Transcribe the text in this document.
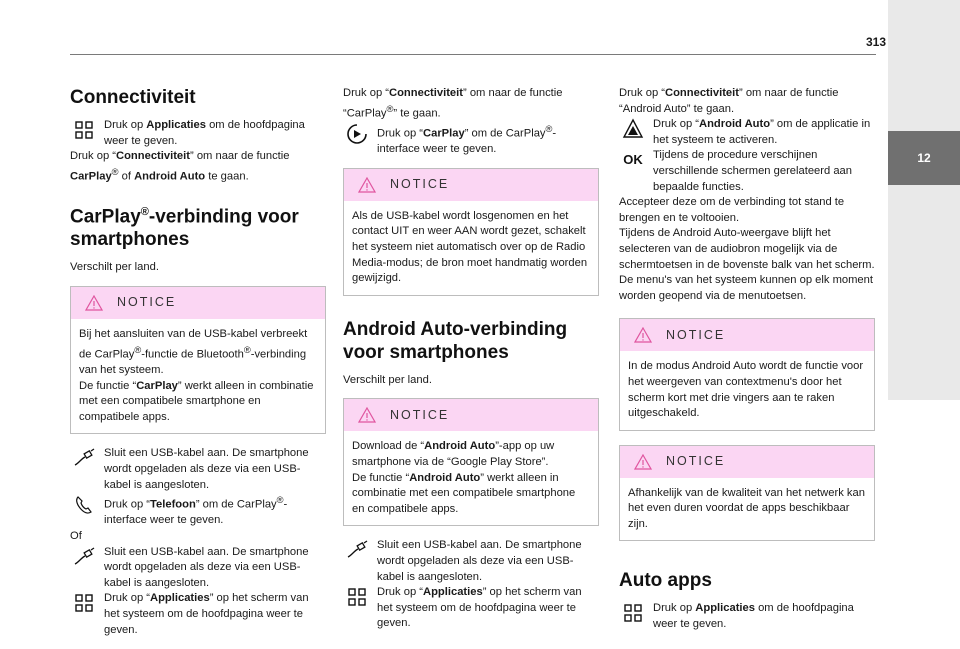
313
12
Connectiviteit

Druk op Applicaties om de hoofdpagina weer te geven.

Druk op “Connectiviteit” om naar de functie CarPlay® of Android Auto te gaan.

CarPlay®-verbinding voor smartphones

Verschilt per land.

NOTICE

Bij het aansluiten van de USB-kabel verbreekt de CarPlay®-functie de Bluetooth®-verbinding van het systeem.

De functie “CarPlay” werkt alleen in combinatie met een compatibele smartphone en compatibele apps.

Sluit een USB-kabel aan. De smartphone wordt opgeladen als deze via een USB-kabel is aangesloten.

Druk op “Telefoon” om de CarPlay®-interface weer te geven.

Of

Sluit een USB-kabel aan. De smartphone wordt opgeladen als deze via een USB-kabel is aangesloten.

Druk op “Applicaties” op het scherm van het systeem om de hoofdpagina weer te geven.

Druk op “Connectiviteit” om naar de functie “CarPlay®” te gaan.

Druk op “CarPlay” om de CarPlay®-interface weer te geven.

NOTICE

Als de USB-kabel wordt losgenomen en het contact UIT en weer AAN wordt gezet, schakelt het systeem niet automatisch over op de Radio Media-modus; de bron moet handmatig worden gewijzigd.

Android Auto-verbinding voor smartphones

Verschilt per land.

NOTICE

Download de “Android Auto”-app op uw smartphone via de “Google Play Store”.

De functie “Android Auto” werkt alleen in combinatie met een compatibele smartphone en compatibele apps.

Sluit een USB-kabel aan. De smartphone wordt opgeladen als deze via een USB-kabel is aangesloten.

Druk op “Applicaties” op het scherm van het systeem om de hoofdpagina weer te geven.

Druk op “Connectiviteit” om naar de functie “Android Auto” te gaan.

Druk op “Android Auto” om de applicatie in het systeem te activeren.

OK Tijdens de procedure verschijnen verschillende schermen gerelateerd aan bepaalde functies.

Accepteer deze om de verbinding tot stand te brengen en te voltooien.

Tijdens de Android Auto-weergave blijft het selecteren van de audiobron mogelijk via de schermtoetsen in de bovenste balk van het scherm.

De menu's van het systeem kunnen op elk moment worden geopend via de menutoetsen.

NOTICE

In de modus Android Auto wordt de functie voor het weergeven van contextmenu's door het scherm kort met drie vingers aan te raken uitgeschakeld.

NOTICE

Afhankelijk van de kwaliteit van het netwerk kan het even duren voordat de apps beschikbaar zijn.

Auto apps

Druk op Applicaties om de hoofdpagina weer te geven.
